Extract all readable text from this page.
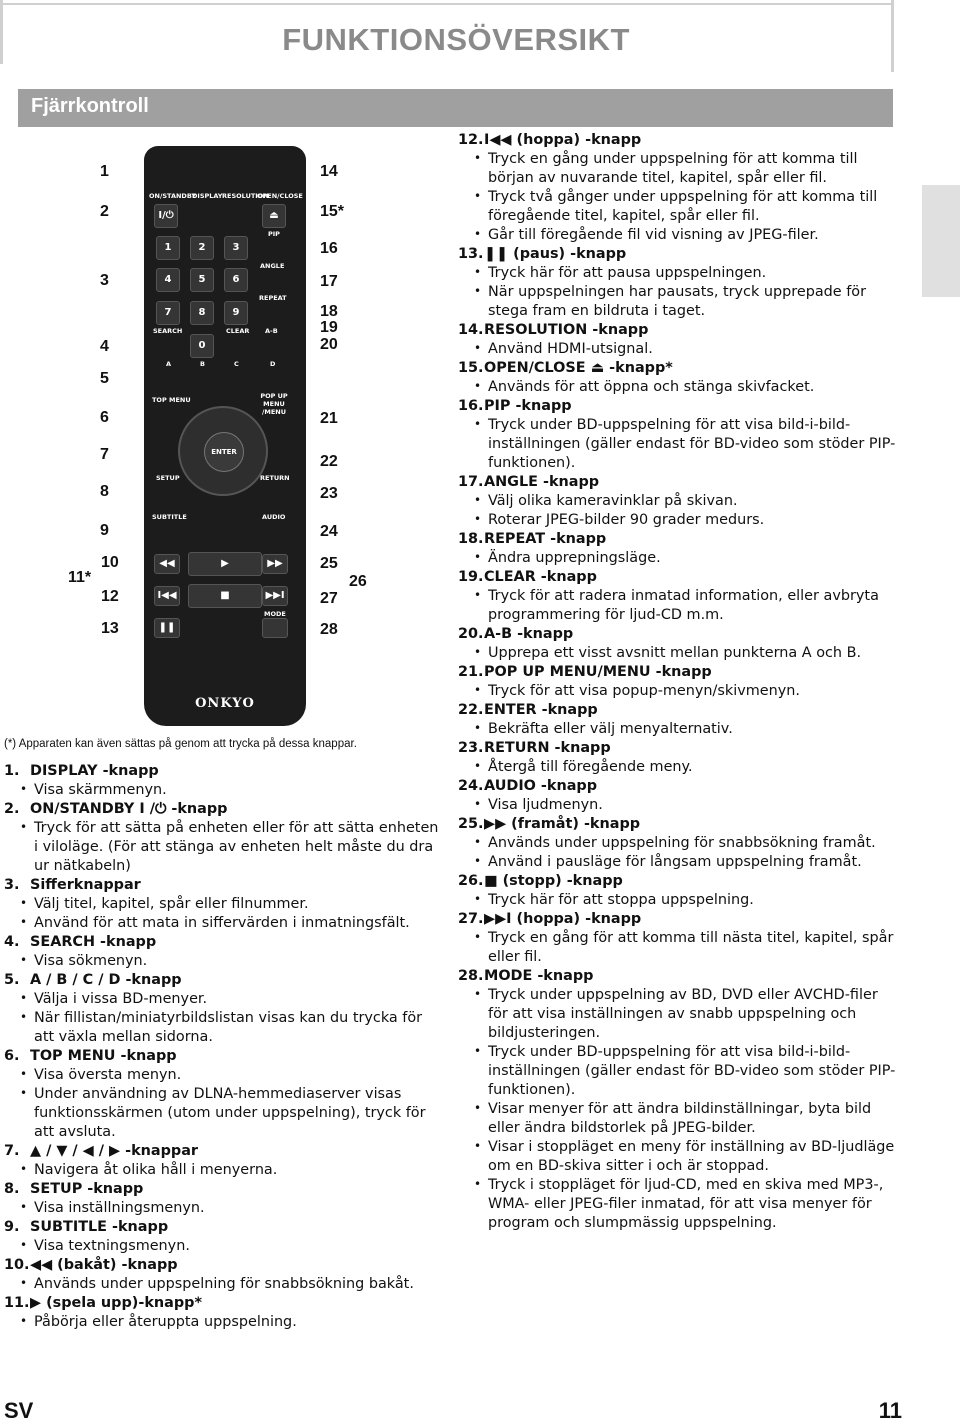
FUNKTIONSÖVERSIKT
Fjärrkontroll
1
2
3
4
5
6
7
8
9
10
11*
12
13
14
15*
16
17
18
19
20
21
22
23
24
25
26
27
28
ON/STANDBY
DISPLAY RESOLUTION
OPEN/CLOSE
I/⏻	⏏
PIP
1	2	3
ANGLE
4	5	6
REPEAT
7	8	9
SEARCH	CLEAR A-B
0
A	B	C	D
TOP MENU	POP UP MENU /MENU
ENTER
SETUP	RETURN
SUBTITLE	AUDIO
◀◀	▶	▶▶
I◀◀	■	▶▶I
MODE
❚❚
ONKYO
(*) Apparaten kan även sättas på genom att trycka på dessa knappar.
1. DISPLAY -knapp
• Visa skärmmenyn.
2. ON/STANDBY I /⏻ -knapp
• Tryck för att sätta på enheten eller för att sätta enheten i viloläge. (För att stänga av enheten helt måste du dra ur nätkabeln)
3. Sifferknappar
• Välj titel, kapitel, spår eller filnummer.
• Använd för att mata in siffervärden i inmatningsfält.
4. SEARCH -knapp
• Visa sökmenyn.
5. A / B / C / D -knapp
• Välja i vissa BD-menyer.
• När fillistan/miniatyrbildslistan visas kan du trycka för att växla mellan sidorna.
6. TOP MENU -knapp
• Visa översta menyn.
• Under användning av DLNA-hemmediaserver visas funktionsskärmen (utom under uppspelning), tryck för att avsluta.
7. ▲ / ▼ / ◀ / ▶ -knappar
• Navigera åt olika håll i menyerna.
8. SETUP -knapp
• Visa inställningsmenyn.
9. SUBTITLE -knapp
• Visa textningsmenyn.
10.◀◀ (bakåt) -knapp
• Används under uppspelning för snabbsökning bakåt.
11.▶ (spela upp)-knapp*
• Påbörja eller återuppta uppspelning.
12.I◀◀ (hoppa) -knapp
• Tryck en gång under uppspelning för att komma till början av nuvarande titel, kapitel, spår eller fil.
• Tryck två gånger under uppspelning för att komma till föregående titel, kapitel, spår eller fil.
• Går till föregående fil vid visning av JPEG-filer.
13.❚❚ (paus) -knapp
• Tryck här för att pausa uppspelningen.
• När uppspelningen har pausats, tryck upprepade för stega fram en bildruta i taget.
14.RESOLUTION -knapp
• Använd HDMI-utsignal.
15.OPEN/CLOSE ⏏ -knapp*
• Används för att öppna och stänga skivfacket.
16.PIP -knapp
• Tryck under BD-uppspelning för att visa bild-i-bild-inställningen (gäller endast för BD-video som stöder PIP-funktionen).
17.ANGLE -knapp
• Välj olika kameravinklar på skivan.
• Roterar JPEG-bilder 90 grader medurs.
18.REPEAT -knapp
• Ändra upprepningsläge.
19.CLEAR -knapp
• Tryck för att radera inmatad information, eller avbryta programmering för ljud-CD m.m.
20.A-B -knapp
• Upprepa ett visst avsnitt mellan punkterna A och B.
21.POP UP MENU/MENU -knapp
• Tryck för att visa popup-menyn/skivmenyn.
22.ENTER -knapp
• Bekräfta eller välj menyalternativ.
23.RETURN -knapp
• Återgå till föregående meny.
24.AUDIO -knapp
• Visa ljudmenyn.
25.▶▶ (framåt) -knapp
• Används under uppspelning för snabbsökning framåt.
• Använd i pausläge för långsam uppspelning framåt.
26.■ (stopp) -knapp
• Tryck här för att stoppa uppspelning.
27.▶▶I (hoppa) -knapp
• Tryck en gång för att komma till nästa titel, kapitel, spår eller fil.
28.MODE -knapp
• Tryck under uppspelning av BD, DVD eller AVCHD-filer för att visa inställningen av snabb uppspelning och bildjusteringen.
• Tryck under BD-uppspelning för att visa bild-i-bild-inställningen (gäller endast för BD-video som stöder PIP-funktionen).
• Visar menyer för att ändra bildinställningar, byta bild eller ändra bildstorlek på JPEG-bilder.
• Visar i stoppläget en meny för inställning av BD-ljudläge om en BD-skiva sitter i och är stoppad.
• Tryck i stoppläget för ljud-CD, med en skiva med MP3-, WMA- eller JPEG-filer inmatad, för att visa menyer för program och slumpmässig uppspelning.
SV	11
